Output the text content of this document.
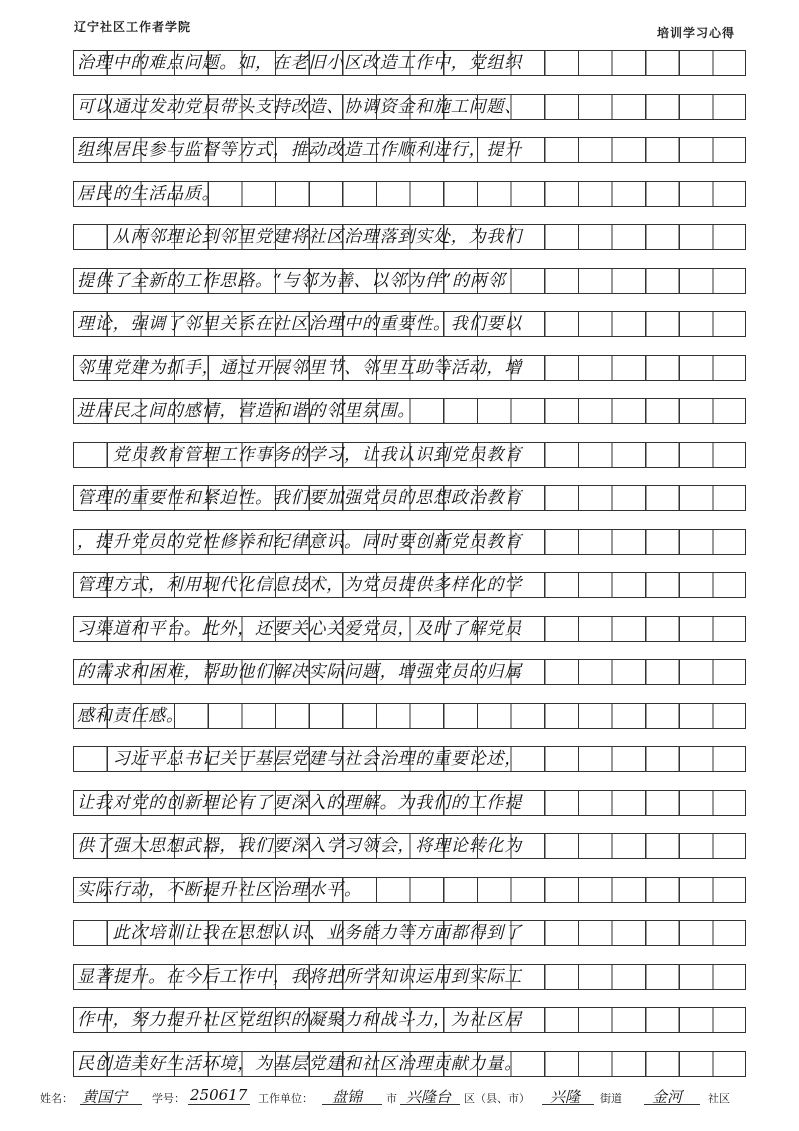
辽宁社区工作者学院	培训学习心得
治理中的难点问题。如，在老旧小区改造工作中，党组织
可以通过发动党员带头支持改造、协调资金和施工问题、
组织居民参与监督等方式，推动改造工作顺利进行，提升
居民的生活品质。
　　从两邻理论到邻里党建将社区治理落到实处，为我们
提供了全新的工作思路。“与邻为善、以邻为伴”的两邻
理论，强调了邻里关系在社区治理中的重要性。我们要以
邻里党建为抓手，通过开展邻里节、邻里互助等活动，增
进居民之间的感情，营造和谐的邻里氛围。
　　党员教育管理工作事务的学习，让我认识到党员教育
管理的重要性和紧迫性。我们要加强党员的思想政治教育
，提升党员的党性修养和纪律意识。同时要创新党员教育
管理方式，利用现代化信息技术，为党员提供多样化的学
习渠道和平台。此外，还要关心关爱党员，及时了解党员
的需求和困难，帮助他们解决实际问题，增强党员的归属
感和责任感。
　　习近平总书记关于基层党建与社会治理的重要论述，
让我对党的创新理论有了更深入的理解。为我们的工作提
供了强大思想武器，我们要深入学习领会，将理论转化为
实际行动，不断提升社区治理水平。
　　此次培训让我在思想认识、业务能力等方面都得到了
显著提升。在今后工作中，我将把所学知识运用到实际工
作中，努力提升社区党组织的凝聚力和战斗力，为社区居
民创造美好生活环境，为基层党建和社区治理贡献力量。
姓名： 黄国宁 学号： 250617 工作单位： 盘锦 市 兴隆台 区（县、市） 兴隆 街道 金河 社区
